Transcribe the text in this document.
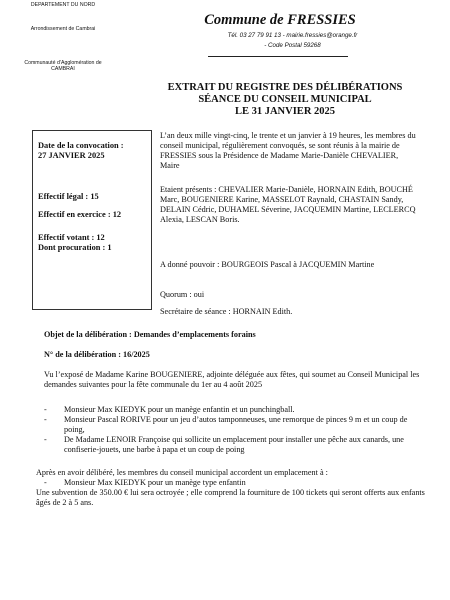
DEPARTEMENT DU NORD
Arrondissement de Cambrai
Communauté d’Agglomération de CAMBRAI
Commune de FRESSIES
Tél. 03 27 79 91 13 - mairie.fressies@orange.fr
- Code Postal 59268
EXTRAIT DU REGISTRE DES DÉLIBÉRATIONS
SÉANCE DU CONSEIL MUNICIPAL
LE 31 JANVIER 2025
Date de la convocation :
27 JANVIER 2025
Effectif légal : 15
Effectif en exercice : 12
Effectif votant : 12
Dont procuration : 1
L’an deux mille vingt-cinq, le trente et un janvier à 19 heures, les membres du conseil municipal, régulièrement convoqués, se sont réunis à la mairie de FRESSIES sous la Présidence de Madame Marie-Danièle CHEVALIER, Maire
Etaient présents : CHEVALIER Marie-Danièle, HORNAIN Edith, BOUCHÉ Marc, BOUGENIERE Karine, MASSELOT Raynald, CHASTAIN Sandy, DELAIN Cédric, DUHAMEL Séverine, JACQUEMIN Martine, LECLERCQ Alexia, LESCAN Boris.
A donné pouvoir : BOURGEOIS Pascal à JACQUEMIN Martine
Quorum : oui
Secrétaire de séance : HORNAIN Edith.
Objet de la délibération : Demandes d’emplacements forains
N° de la délibération : 16/2025
Vu l’exposé de Madame Karine BOUGENIERE, adjointe déléguée aux fêtes, qui soumet au Conseil Municipal les demandes suivantes pour la fête communale du 1er au 4 août 2025
- Monsieur Max KIEDYK pour un manège enfantin et un punchingball.
- Monsieur Pascal RORIVE pour un jeu d’autos tamponneuses, une remorque de pinces 9 m et un coup de poing,
- De Madame LENOIR Françoise qui sollicite un emplacement pour installer une pêche aux canards, une confiserie-jouets, une barbe à papa et un coup de poing
Après en avoir délibéré, les membres du conseil municipal accordent un emplacement à :
- Monsieur Max KIEDYK pour un manège type enfantin
Une subvention de 350.00 € lui sera octroyée ; elle comprend la fourniture de 100 tickets qui seront offerts aux enfants âgés de 2 à 5 ans.
